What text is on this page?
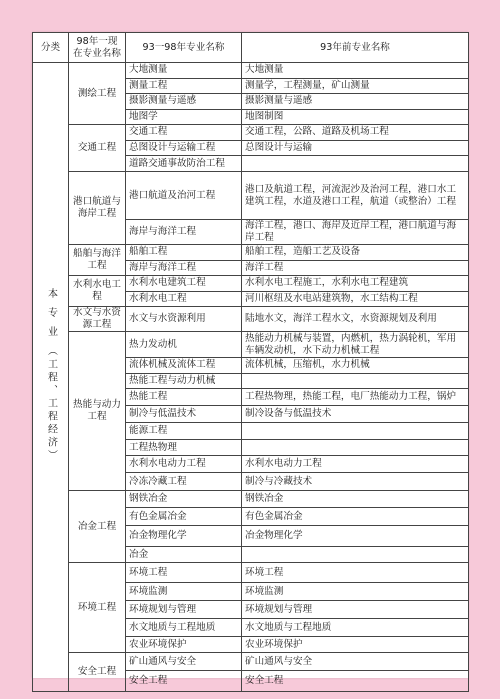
分类	98年一现在专业名称	93一98年专业名称	93年前专业名称
本 专 业 （工程、工程经济）	测绘工程	大地测量	大地测量
		测量工程	测量学，工程测量，矿山测量
		摄影测量与遥感	摄影测量与遥感
		地图学	地图制图
	交通工程	交通工程	交通工程，公路、道路及机场工程
		总图设计与运输工程	总图设计与运输
		道路交通事故防治工程	
	港口航道与海岸工程	港口航道及治河工程	港口及航道工程，河流泥沙及治河工程，港口水工建筑工程，水道及港口工程，航道（或整治）工程
		海岸与海洋工程	海洋工程，港口、海岸及近岸工程，港口航道与海岸工程
	船舶与海洋工程	船舶工程	船舶工程，造船工艺及设备
		海岸与海洋工程	海洋工程
	水利水电工程	水利水电建筑工程	水利水电工程施工，水利水电工程建筑
		水利水电工程	河川枢纽及水电站建筑物，水工结构工程
	水文与水资源工程	水文与水资源利用	陆地水文，海洋工程水文，水资源规划及利用
	热能与动力工程	热力发动机	热能动力机械与装置，内燃机，热力涡轮机，军用车辆发动机，水下动力机械工程
		流体机械及流体工程	流体机械，压缩机，水力机械
		热能工程与动力机械	
		热能工程	工程热物理，热能工程，电厂热能动力工程，锅炉
		制冷与低温技术	制冷设备与低温技术
		能源工程	
		工程热物理	
		水利水电动力工程	水利水电动力工程
		冷冻冷藏工程	制冷与冷藏技术
	冶金工程	钢铁冶金	钢铁冶金
		有色金属冶金	有色金属冶金
		冶金物理化学	冶金物理化学
		冶金	
	环境工程	环境工程	环境工程
		环境监测	环境监测
		环境规划与管理	环境规划与管理
		水文地质与工程地质	水文地质与工程地质
		农业环境保护	农业环境保护
	安全工程	矿山通风与安全	矿山通风与安全
		安全工程	安全工程
